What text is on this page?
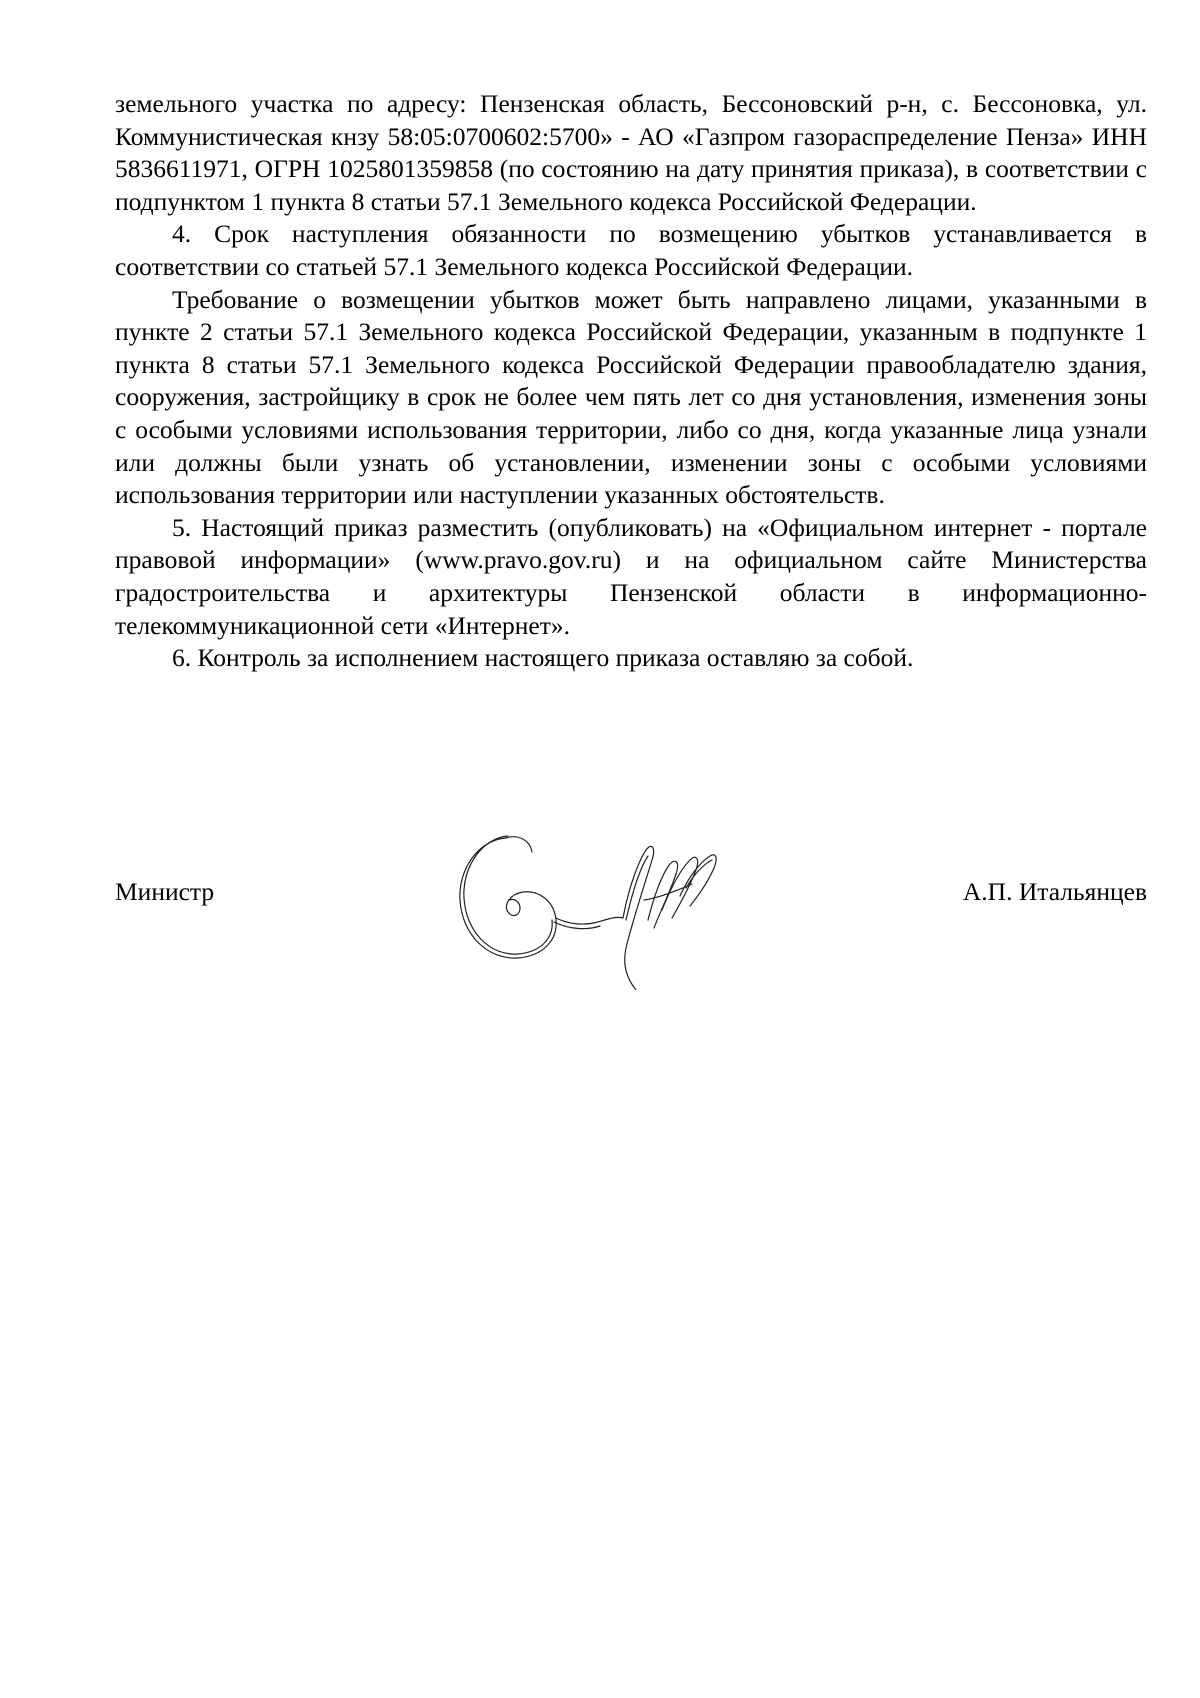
земельного участка по адресу: Пензенская область, Бессоновский р-н, с. Бессоновка, ул. Коммунистическая кнзу 58:05:0700602:5700» - АО «Газпром газораспределение Пенза» ИНН 5836611971, ОГРН 1025801359858 (по состоянию на дату принятия приказа), в соответствии с подпунктом 1 пункта 8 статьи 57.1 Земельного кодекса Российской Федерации.

4. Срок наступления обязанности по возмещению убытков устанавливается в соответствии со статьей 57.1 Земельного кодекса Российской Федерации.

Требование о возмещении убытков может быть направлено лицами, указанными в пункте 2 статьи 57.1 Земельного кодекса Российской Федерации, указанным в подпункте 1 пункта 8 статьи 57.1 Земельного кодекса Российской Федерации правообладателю здания, сооружения, застройщику в срок не более чем пять лет со дня установления, изменения зоны с особыми условиями использования территории, либо со дня, когда указанные лица узнали или должны были узнать об установлении, изменении зоны с особыми условиями использования территории или наступлении указанных обстоятельств.

5. Настоящий приказ разместить (опубликовать) на «Официальном интернет - портале правовой информации» (www.pravo.gov.ru) и на официальном сайте Министерства градостроительства и архитектуры Пензенской области в информационно-телекоммуникационной сети «Интернет».

6. Контроль за исполнением настоящего приказа оставляю за собой.

Министр	А.П. Итальянцев
